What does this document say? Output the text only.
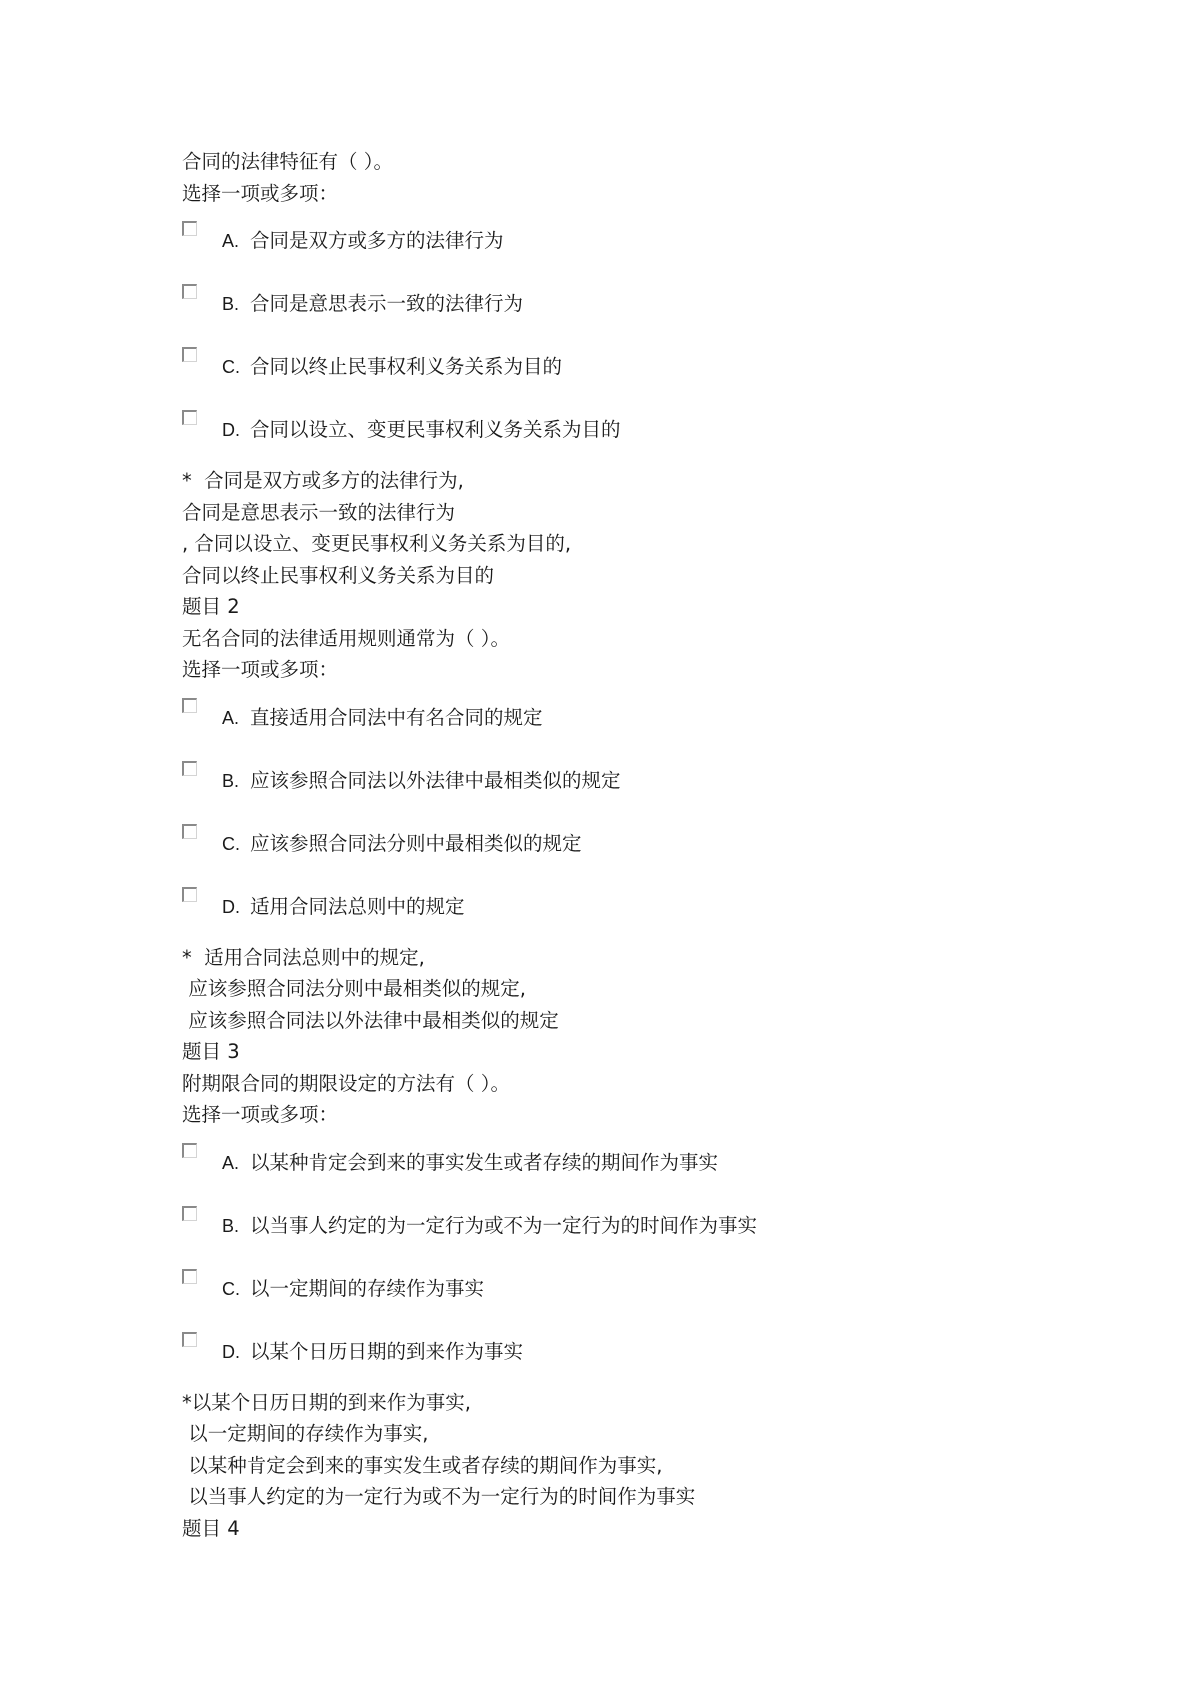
合同的法律特征有（ ）。
选择一项或多项：
A. 合同是双方或多方的法律行为
B. 合同是意思表示一致的法律行为
C. 合同以终止民事权利义务关系为目的
D. 合同以设立、变更民事权利义务关系为目的
*  合同是双方或多方的法律行为,
合同是意思表示一致的法律行为
, 合同以设立、变更民事权利义务关系为目的,
合同以终止民事权利义务关系为目的
题目 2
无名合同的法律适用规则通常为（ ）。
选择一项或多项：
A. 直接适用合同法中有名合同的规定
B. 应该参照合同法以外法律中最相类似的规定
C. 应该参照合同法分则中最相类似的规定
D. 适用合同法总则中的规定
*  适用合同法总则中的规定,
应该参照合同法分则中最相类似的规定,
应该参照合同法以外法律中最相类似的规定
题目 3
附期限合同的期限设定的方法有（ ）。
选择一项或多项：
A. 以某种肯定会到来的事实发生或者存续的期间作为事实
B. 以当事人约定的为一定行为或不为一定行为的时间作为事实
C. 以一定期间的存续作为事实
D. 以某个日历日期的到来作为事实
*以某个日历日期的到来作为事实,
以一定期间的存续作为事实,
以某种肯定会到来的事实发生或者存续的期间作为事实,
以当事人约定的为一定行为或不为一定行为的时间作为事实
题目 4
